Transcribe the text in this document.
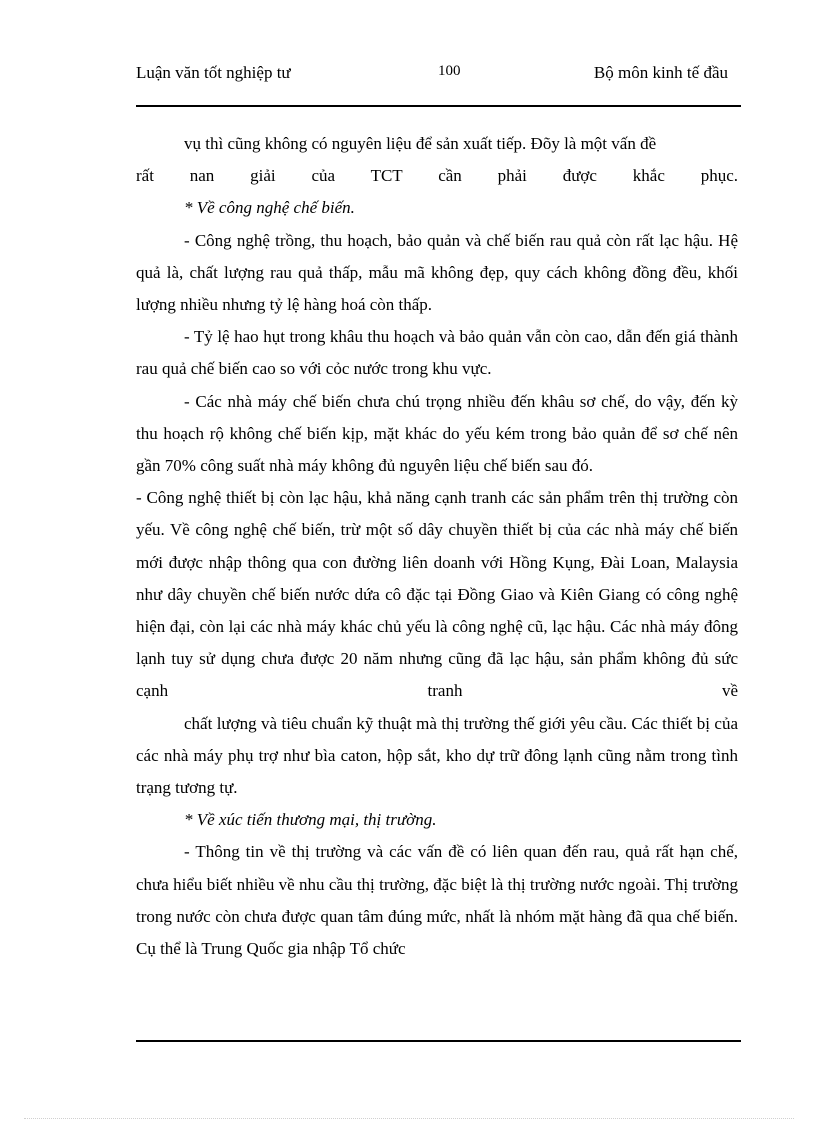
Luận văn tốt nghiệp tư	100	Bộ môn kinh tế đầu

vụ thì cũng không có nguyên liệu để sản xuất tiếp. Đõy là một vấn đề

rất nan giải của TCT cần phải được khắc phục.

* Về công nghệ chế biến.

- Công nghệ trồng, thu hoạch, bảo quản và chế biến rau quả còn rất lạc hậu. Hệ quả là, chất lượng rau quả thấp, mẫu mã không đẹp, quy cách không đồng đều, khối lượng nhiều nhưng tỷ lệ hàng hoá còn thấp.

- Tỷ lệ hao hụt trong khâu thu hoạch và bảo quản vẫn còn cao, dẫn đến giá thành rau quả chế biến cao so với cỏc nước trong khu vực.

- Các nhà máy chế biến chưa chú trọng nhiều đến khâu sơ chế, do vậy, đến kỳ thu hoạch rộ không chế biến kịp, mặt khác do yếu kém trong bảo quản để sơ chế nên gần 70% công suất nhà máy không đủ nguyên liệu chế biến sau đó.

- Công nghệ thiết bị còn lạc hậu, khả năng cạnh tranh các sản phẩm trên thị trường còn yếu. Về công nghệ chế biến, trừ một số dây chuyền thiết bị của các nhà máy chế biến mới được nhập thông qua con đường liên doanh với Hồng Kụng, Đài Loan, Malaysia như dây chuyền chế biến nước dứa cô đặc tại Đồng Giao và Kiên Giang có công nghệ hiện đại, còn lại các nhà máy khác chủ yếu là công nghệ cũ, lạc hậu. Các nhà máy đông lạnh tuy sử dụng chưa được 20 năm nhưng cũng đã lạc hậu, sản phẩm không đủ sức cạnh tranh về

chất lượng và tiêu chuẩn kỹ thuật mà thị trường thế giới yêu cầu. Các thiết bị của các nhà máy phụ trợ như bìa caton, hộp sắt, kho dự trữ đông lạnh cũng nằm trong tình trạng tương tự.

* Về xúc tiến thương mại, thị trường.

- Thông tin về thị trường và các vấn đề có liên quan đến rau, quả rất hạn chế, chưa hiểu biết nhiều về nhu cầu thị trường, đặc biệt là thị trường nước ngoài. Thị trường trong nước còn chưa được quan tâm đúng mức, nhất là nhóm mặt hàng đã qua chế biến. Cụ thể là Trung Quốc gia nhập Tổ chức
